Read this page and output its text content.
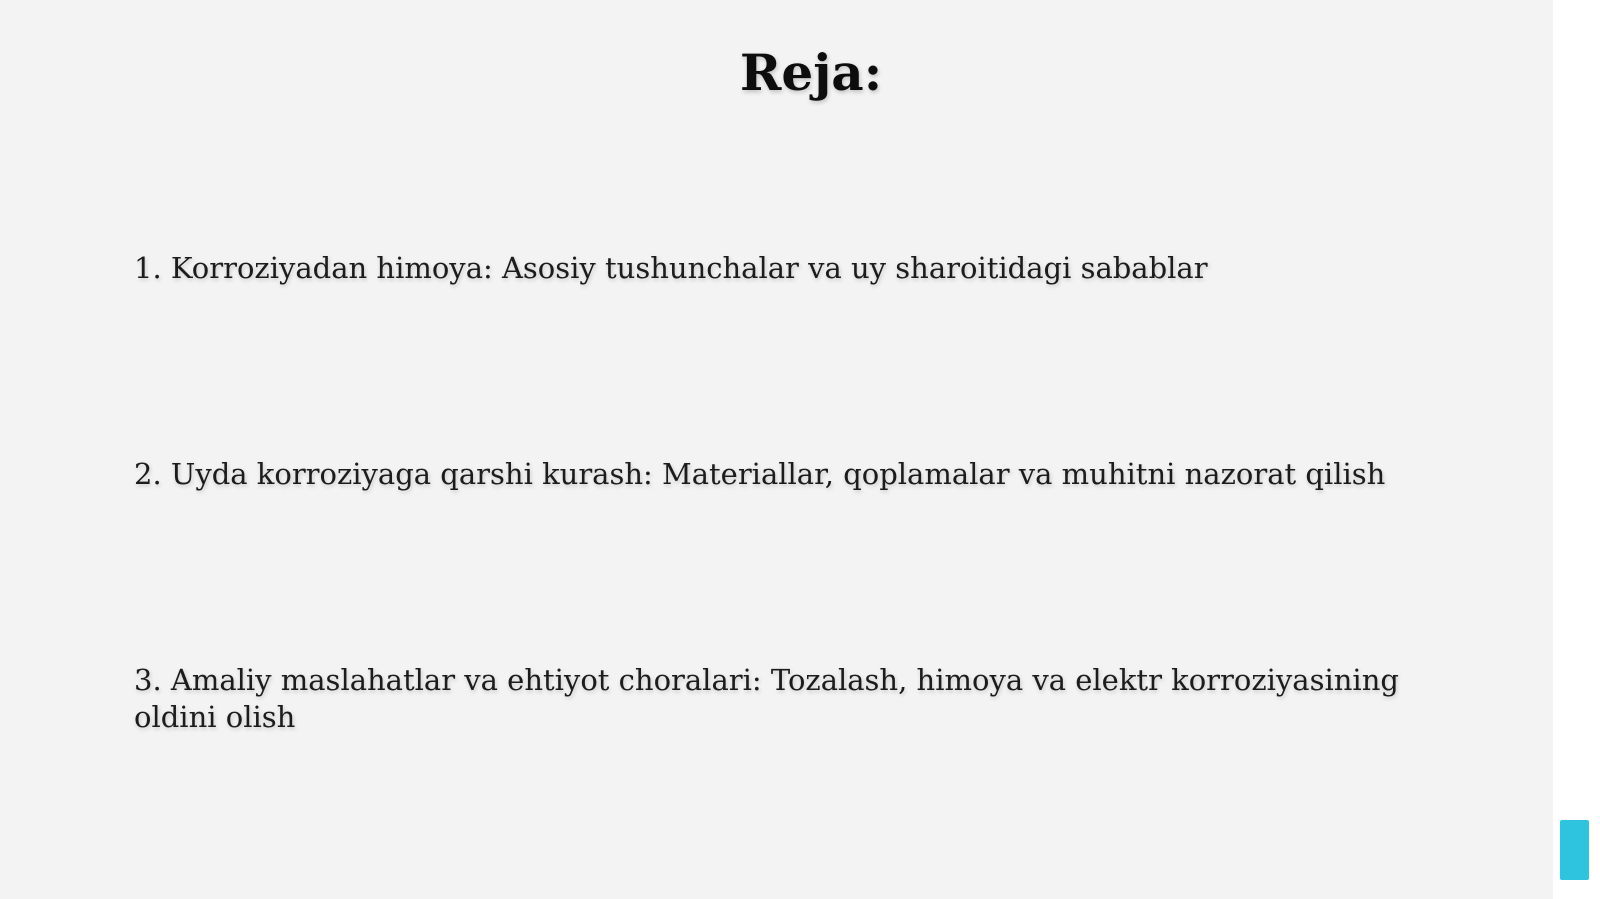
Reja:

1. Korroziyadan himoya: Asosiy tushunchalar va uy sharoitidagi sabablar

2. Uyda korroziyaga qarshi kurash: Materiallar, qoplamalar va muhitni nazorat qilish

3. Amaliy maslahatlar va ehtiyot choralari: Tozalash, himoya va elektr korroziyasining oldini olish
